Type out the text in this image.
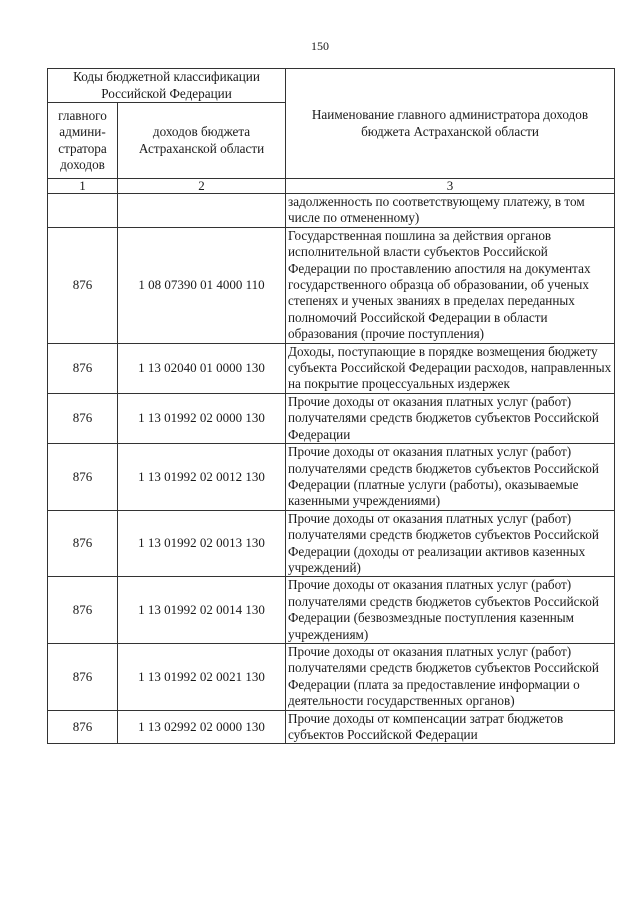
150
Коды бюджетной классификации Российской Федерации		Наименование главного администратора доходов бюджета Астраханской области
главного админи-стратора доходов	доходов бюджета Астраханской области	
1	2	3
		задолженность по соответствующему платежу, в том числе по отмененному)
876	1 08 07390 01 4000 110	Государственная пошлина за действия органов исполнительной власти субъектов Российской Федерации по проставлению апостиля на документах государственного образца об образовании, об ученых степенях и ученых званиях в пределах переданных полномочий Российской Федерации в области образования (прочие поступления)
876	1 13 02040 01 0000 130	Доходы, поступающие в порядке возмещения бюджету субъекта Российской Федерации расходов, направленных на покрытие процессуальных издержек
876	1 13 01992 02 0000 130	Прочие доходы от оказания платных услуг (работ) получателями средств бюджетов субъектов Российской Федерации
876	1 13 01992 02 0012 130	Прочие доходы от оказания платных услуг (работ) получателями средств бюджетов субъектов Российской Федерации (платные услуги (работы), оказываемые казенными учреждениями)
876	1 13 01992 02 0013 130	Прочие доходы от оказания платных услуг (работ) получателями средств бюджетов субъектов Российской Федерации (доходы от реализации активов казенных учреждений)
876	1 13 01992 02 0014 130	Прочие доходы от оказания платных услуг (работ) получателями средств бюджетов субъектов Российской Федерации (безвозмездные поступления казенным учреждениям)
876	1 13 01992 02 0021 130	Прочие доходы от оказания платных услуг (работ) получателями средств бюджетов субъектов Российской Федерации (плата за предоставление информации о деятельности государственных органов)
876	1 13 02992 02 0000 130	Прочие доходы от компенсации затрат бюджетов субъектов Российской Федерации
